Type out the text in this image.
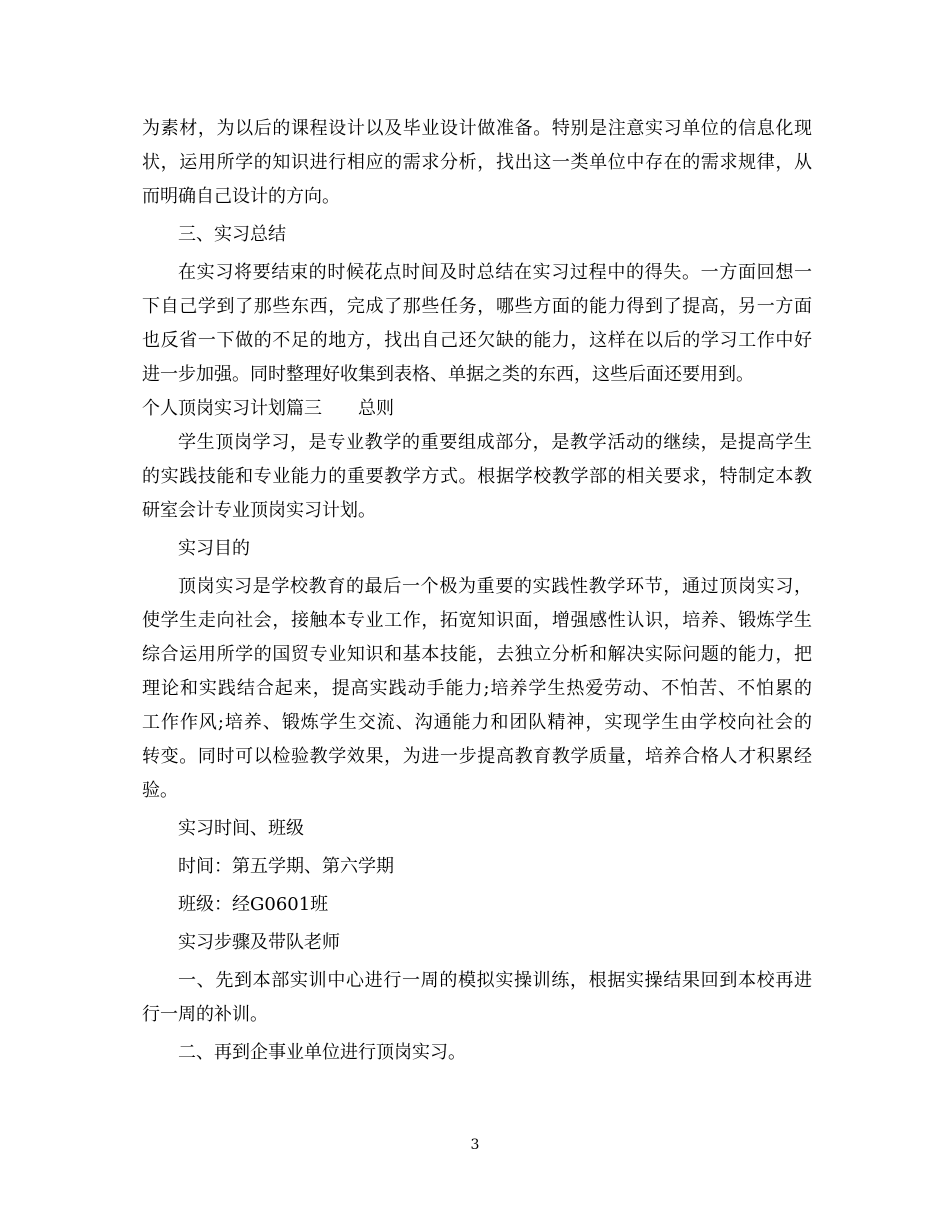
为素材，为以后的课程设计以及毕业设计做准备。特别是注意实习单位的信息化现
状，运用所学的知识进行相应的需求分析，找出这一类单位中存在的需求规律，从
而明确自己设计的方向。
三、实习总结
在实习将要结束的时候花点时间及时总结在实习过程中的得失。一方面回想一
下自己学到了那些东西，完成了那些任务，哪些方面的能力得到了提高，另一方面
也反省一下做的不足的地方，找出自己还欠缺的能力，这样在以后的学习工作中好
进一步加强。同时整理好收集到表格、单据之类的东西，这些后面还要用到。
个人顶岗实习计划篇三　　总则
学生顶岗学习，是专业教学的重要组成部分，是教学活动的继续，是提高学生
的实践技能和专业能力的重要教学方式。根据学校教学部的相关要求，特制定本教
研室会计专业顶岗实习计划。
实习目的
顶岗实习是学校教育的最后一个极为重要的实践性教学环节，通过顶岗实习，
使学生走向社会，接触本专业工作，拓宽知识面，增强感性认识，培养、锻炼学生
综合运用所学的国贸专业知识和基本技能，去独立分析和解决实际问题的能力，把
理论和实践结合起来，提高实践动手能力;培养学生热爱劳动、不怕苦、不怕累的
工作作风;培养、锻炼学生交流、沟通能力和团队精神，实现学生由学校向社会的
转变。同时可以检验教学效果，为进一步提高教育教学质量，培养合格人才积累经
验。
实习时间、班级
时间：第五学期、第六学期
班级：经G0601班
实习步骤及带队老师
一、先到本部实训中心进行一周的模拟实操训练，根据实操结果回到本校再进
行一周的补训。
二、再到企事业单位进行顶岗实习。
3
